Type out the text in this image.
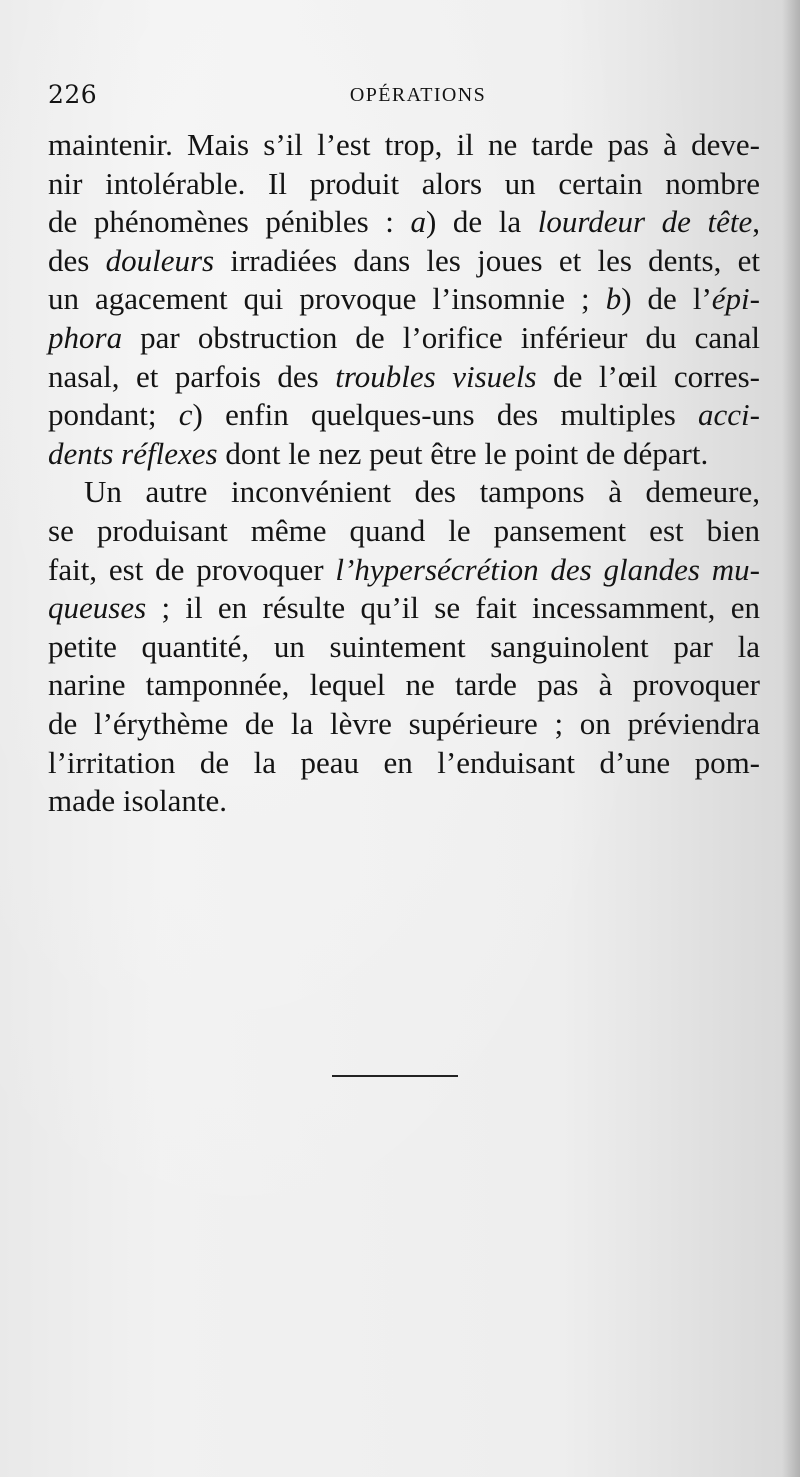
226	OPÉRATIONS
maintenir. Mais s’il l’est trop, il ne tarde pas à deve-
nir intolérable. Il produit alors un certain nombre
de phénomènes pénibles : a) de la lourdeur de tête,
des douleurs irradiées dans les joues et les dents, et
un agacement qui provoque l’insomnie ; b) de l’épi-
phora par obstruction de l’orifice inférieur du canal
nasal, et parfois des troubles visuels de l’œil corres-
pondant; c) enfin quelques-uns des multiples acci-
dents réflexes dont le nez peut être le point de départ.
Un autre inconvénient des tampons à demeure,
se produisant même quand le pansement est bien
fait, est de provoquer l’hypersécrétion des glandes mu-
queuses ; il en résulte qu’il se fait incessamment, en
petite quantité, un suintement sanguinolent par la
narine tamponnée, lequel ne tarde pas à provoquer
de l’érythème de la lèvre supérieure ; on préviendra
l’irritation de la peau en l’enduisant d’une pom-
made isolante.
